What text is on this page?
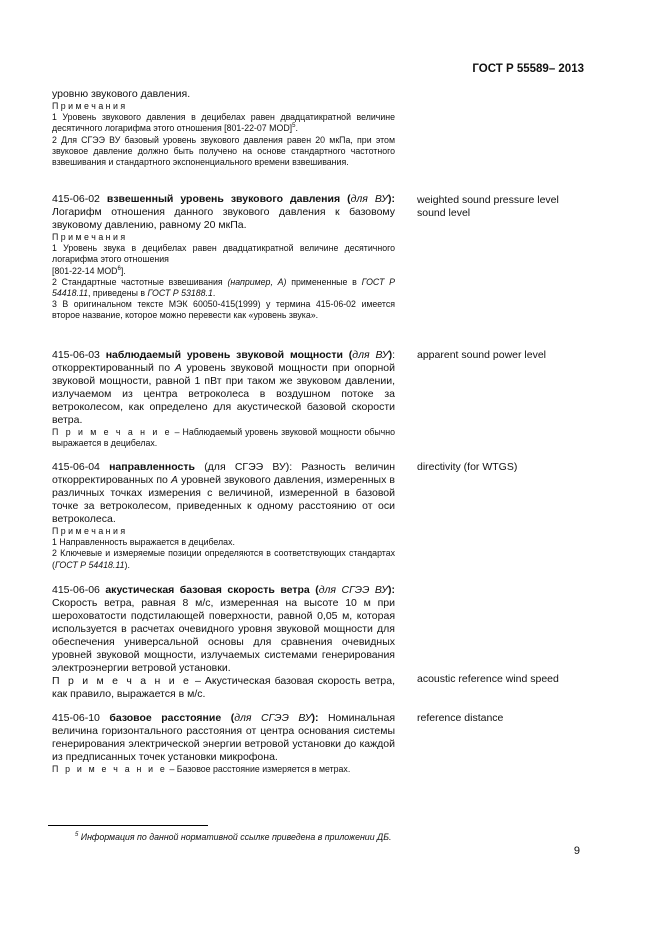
ГОСТ Р 55589– 2013

уровню звукового давления.

П р и м е ч а н и я

1 Уровень звукового давления в децибелах равен двадцатикратной величине десятичного логарифма этого отношения [801-22-07 MOD]$^5$.

2 Для СГЭЭ ВУ базовый уровень звукового давления равен 20 мкПа, при этом звуковое давление должно быть получено на основе стандартного частотного взвешивания и стандартного экспоненциального времени взвешивания.

415-06-02 взвешенный уровень звукового давления (для ВУ): Логарифм отношения данного звукового давления к базовому звуковому давлению, равному 20 мкПа.

П р и м е ч а н и я

1 Уровень звука в децибелах равен двадцатикратной величине десятичного логарифма этого отношения

[801-22-14 MOD$^6$].

2 Стандартные частотные взвешивания (например, А) примененные в ГОСТ Р 54418.11, приведены в ГОСТ Р 53188.1.

3 В оригинальном тексте МЭК 60050-415(1999) у термина 415-06-02 имеется второе название, которое можно перевести как «уровень звука».

weighted sound pressure level
sound level

415-06-03 наблюдаемый уровень звуковой мощности (для ВУ): откорректированный по А уровень звуковой мощности при опорной звуковой мощности, равной 1 пВт при таком же звуковом давлении, излучаемом из центра ветроколеса в воздушном потоке за ветроколесом, как определено для акустической базовой скорости ветра.

П р и м е ч а н и е – Наблюдаемый уровень звуковой мощности обычно выражается в децибелах.

apparent sound power level

415-06-04 направленность (для СГЭЭ ВУ): Разность величин откорректированных по А уровней звукового давления, измеренных в различных точках измерения с величиной, измеренной в базовой точке за ветроколесом, приведенных к одному расстоянию от оси ветроколеса.

П р и м е ч а н и я

1 Направленность выражается в децибелах.

2 Ключевые и измеряемые позиции определяются в соответствующих стандартах (ГОСТ Р 54418.11).

directivity (for WTGS)

415-06-06 акустическая базовая скорость ветра (для СГЭЭ ВУ): Скорость ветра, равная 8 м/с, измеренная на высоте 10 м при шероховатости подстилающей поверхности, равной 0,05 м, которая используется в расчетах очевидного уровня звуковой мощности для обеспечения универсальной основы для сравнения очевидных уровней звуковой мощности, излучаемых системами генерирования электроэнергии ветровой установки.

П р и м е ч а н и е – Акустическая базовая скорость ветра, как правило, выражается в м/с.

acoustic reference wind speed

415-06-10 базовое расстояние (для СГЭЭ ВУ): Номинальная величина горизонтального расстояния от центра основания системы генерирования электрической энергии ветровой установки до каждой из предписанных точек установки микрофона.

П р и м е ч а н и е – Базовое расстояние измеряется в метрах.

reference distance
$^5$ Информация по данной нормативной ссылке приведена в приложении ДБ.
9
